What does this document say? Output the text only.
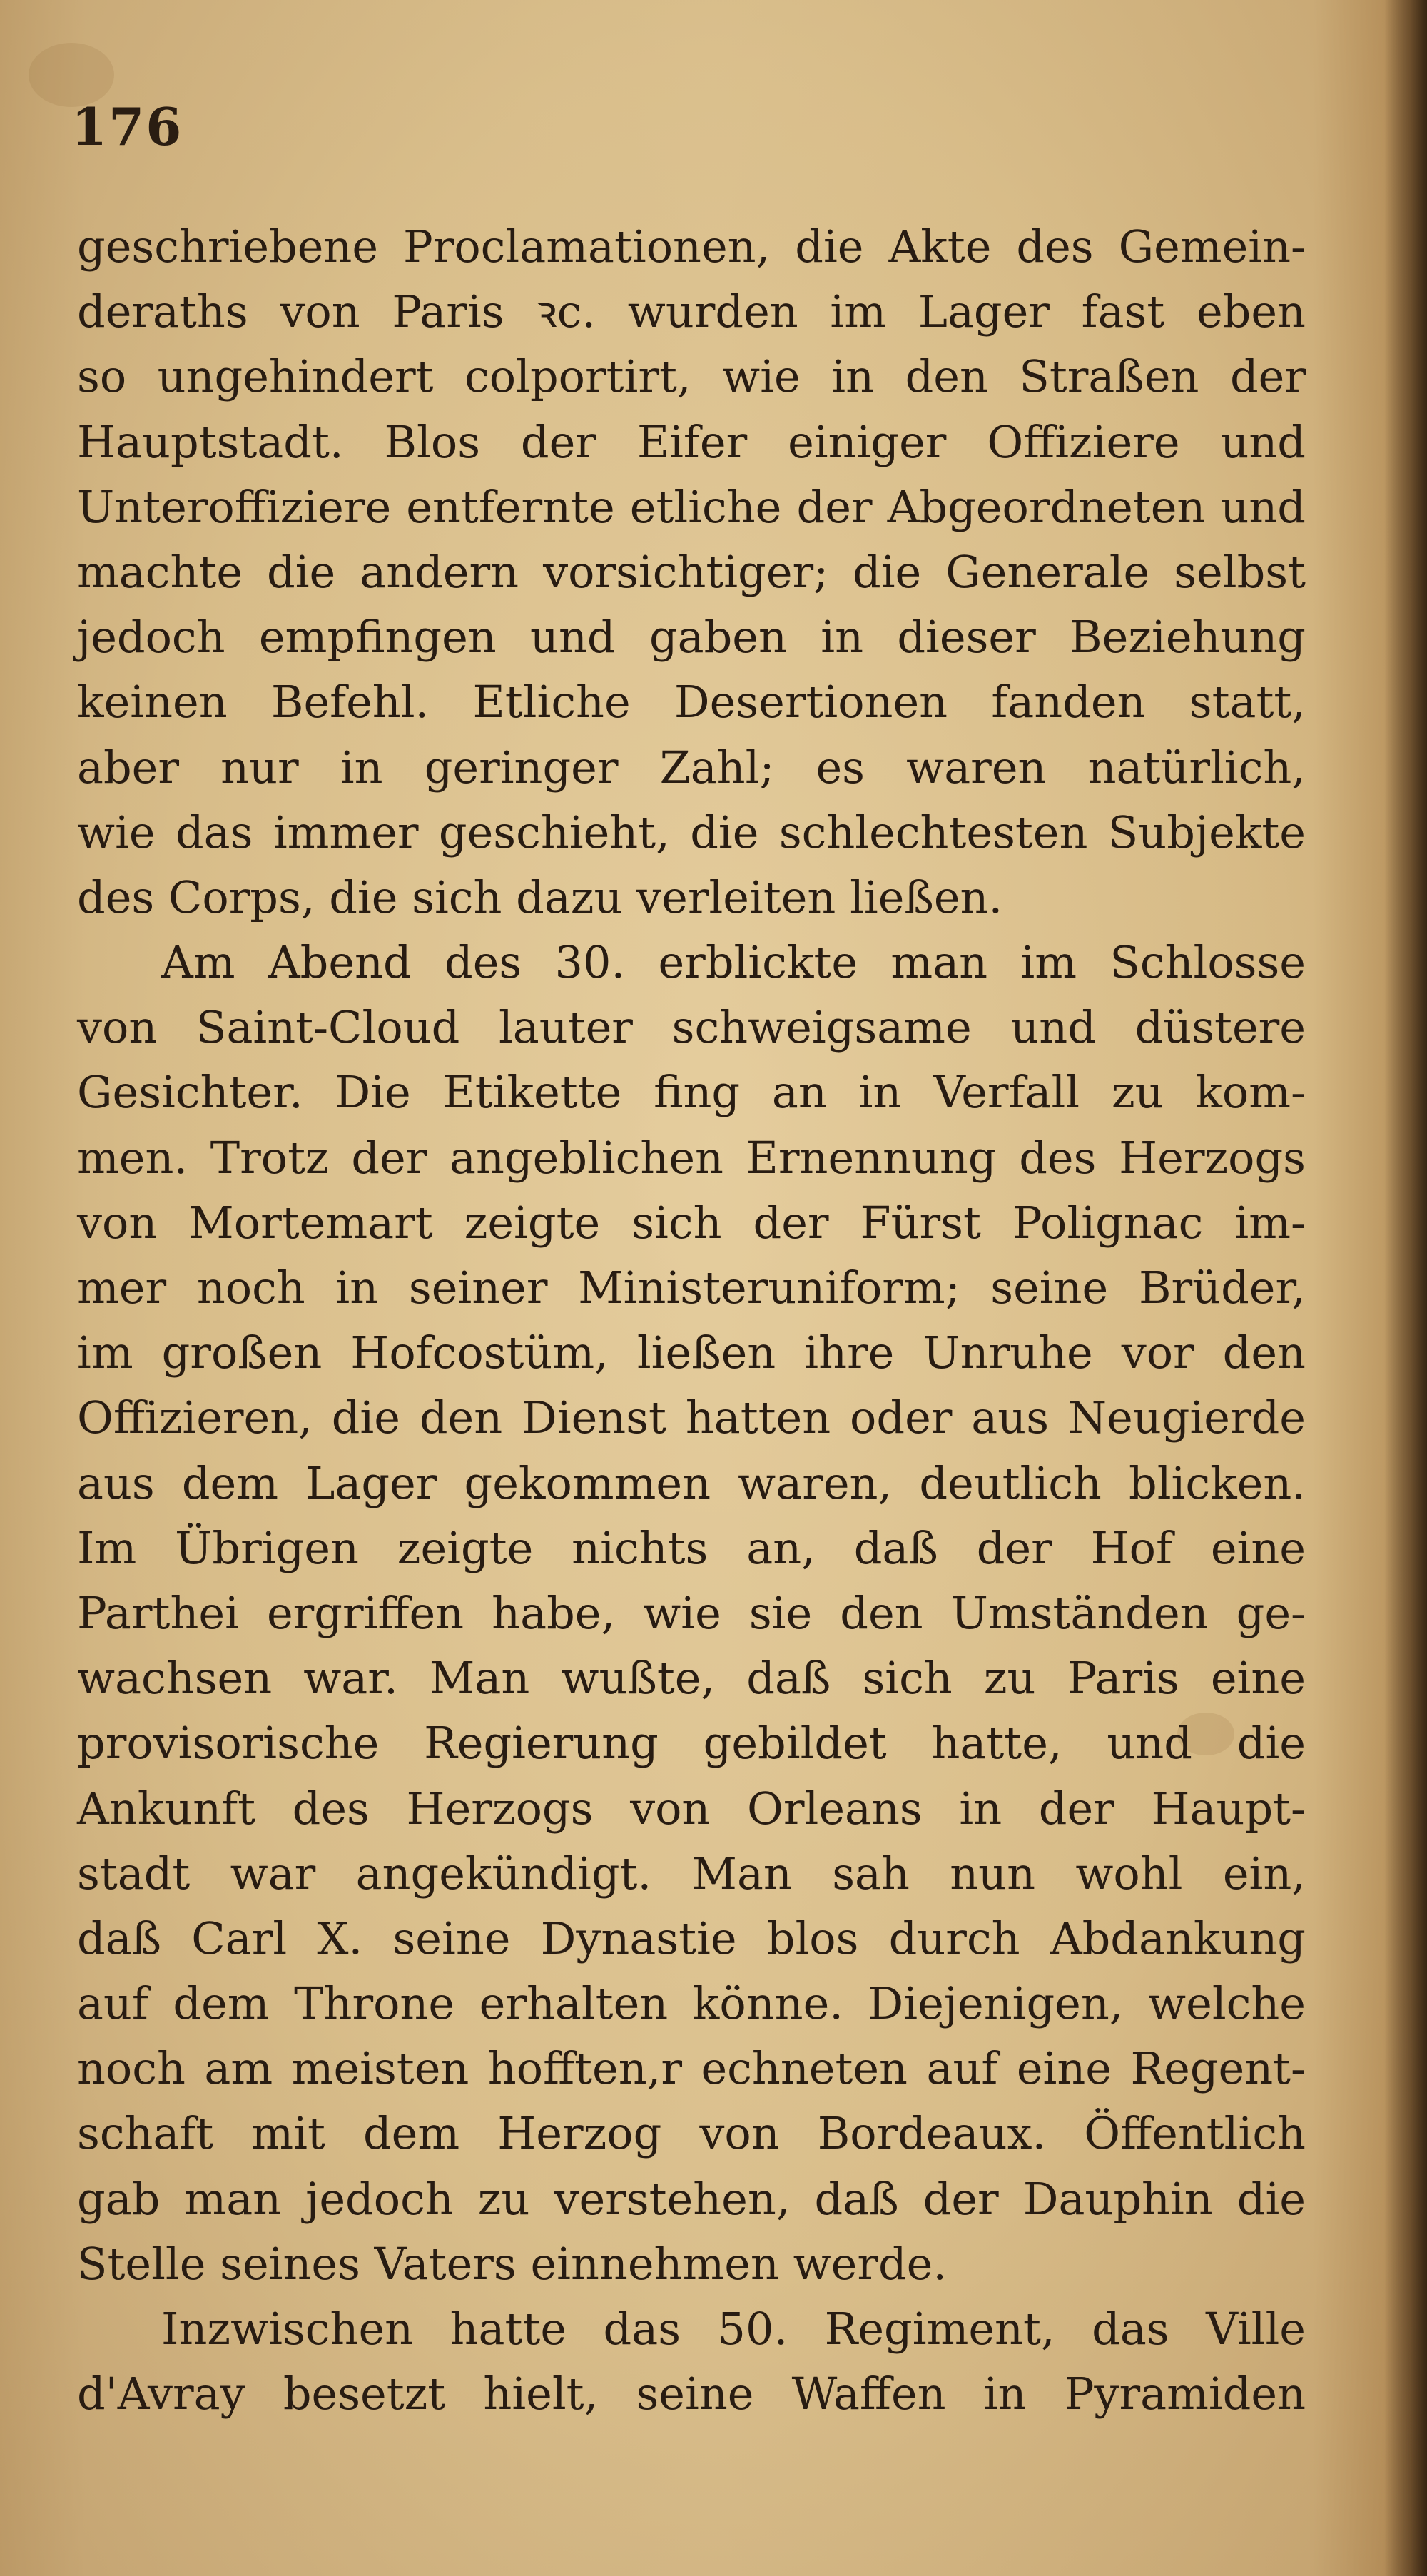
176
geschriebene Proclamationen, die Akte des Gemein-
deraths von Paris ꝛc. wurden im Lager fast eben
so ungehindert colportirt, wie in den Straßen der
Hauptstadt. Blos der Eifer einiger Offiziere und
Unteroffiziere entfernte etliche der Abgeordneten und
machte die andern vorsichtiger; die Generale selbst
jedoch empfingen und gaben in dieser Beziehung
keinen Befehl. Etliche Desertionen fanden statt,
aber nur in geringer Zahl; es waren natürlich,
wie das immer geschieht, die schlechtesten Subjekte
des Corps, die sich dazu verleiten ließen.
Am Abend des 30. erblickte man im Schlosse
von Saint-Cloud lauter schweigsame und düstere
Gesichter. Die Etikette fing an in Verfall zu kom-
men. Trotz der angeblichen Ernennung des Herzogs
von Mortemart zeigte sich der Fürst Polignac im-
mer noch in seiner Ministeruniform; seine Brüder,
im großen Hofcostüm, ließen ihre Unruhe vor den
Offizieren, die den Dienst hatten oder aus Neugierde
aus dem Lager gekommen waren, deutlich blicken.
Im Übrigen zeigte nichts an, daß der Hof eine
Parthei ergriffen habe, wie sie den Umständen ge-
wachsen war. Man wußte, daß sich zu Paris eine
provisorische Regierung gebildet hatte, und die
Ankunft des Herzogs von Orleans in der Haupt-
stadt war angekündigt. Man sah nun wohl ein,
daß Carl X. seine Dynastie blos durch Abdankung
auf dem Throne erhalten könne. Diejenigen, welche
noch am meisten hofften,r echneten auf eine Regent-
schaft mit dem Herzog von Bordeaux. Öffentlich
gab man jedoch zu verstehen, daß der Dauphin die
Stelle seines Vaters einnehmen werde.
Inzwischen hatte das 50. Regiment, das Ville
d'Avray besetzt hielt, seine Waffen in Pyramiden
